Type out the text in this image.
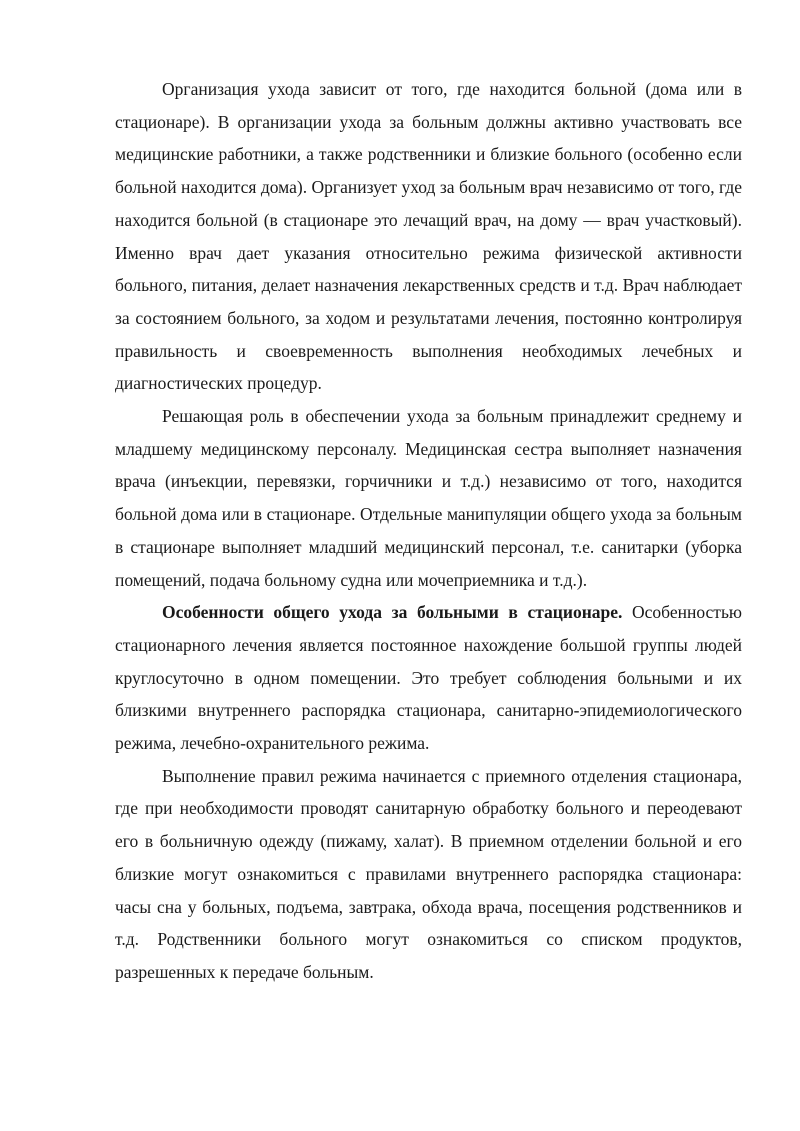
Организация ухода зависит от того, где находится больной (дома или в стационаре). В организации ухода за больным должны активно участвовать все медицинские работники, а также родственники и близкие больного (особенно если больной находится дома). Организует уход за больным врач независимо от того, где находится больной (в стационаре это лечащий врач, на дому — врач участковый). Именно врач дает указания относительно режима физической активности больного, питания, делает назначения лекарственных средств и т.д. Врач наблюдает за состоянием больного, за ходом и результатами лечения, постоянно контролируя правильность и своевременность выполнения необходимых лечебных и диагностических процедур.

Решающая роль в обеспечении ухода за больным принадлежит среднему и младшему медицинскому персоналу. Медицинская сестра выполняет назначения врача (инъекции, перевязки, горчичники и т.д.) независимо от того, находится больной дома или в стационаре. Отдельные манипуляции общего ухода за больным в стационаре выполняет младший медицинский персонал, т.е. санитарки (уборка помещений, подача больному судна или мочеприемника и т.д.).

Особенности общего ухода за больными в стационаре. Особенностью стационарного лечения является постоянное нахождение большой группы людей круглосуточно в одном помещении. Это требует соблюдения больными и их близкими внутреннего распорядка стационара, санитарно-эпидемиологического режима, лечебно-охранительного режима.

Выполнение правил режима начинается с приемного отделения стационара, где при необходимости проводят санитарную обработку больного и переодевают его в больничную одежду (пижаму, халат). В приемном отделении больной и его близкие могут ознакомиться с правилами внутреннего распорядка стационара: часы сна у больных, подъема, завтрака, обхода врача, посещения родственников и т.д. Родственники больного могут ознакомиться со списком продуктов, разрешенных к передаче больным.
